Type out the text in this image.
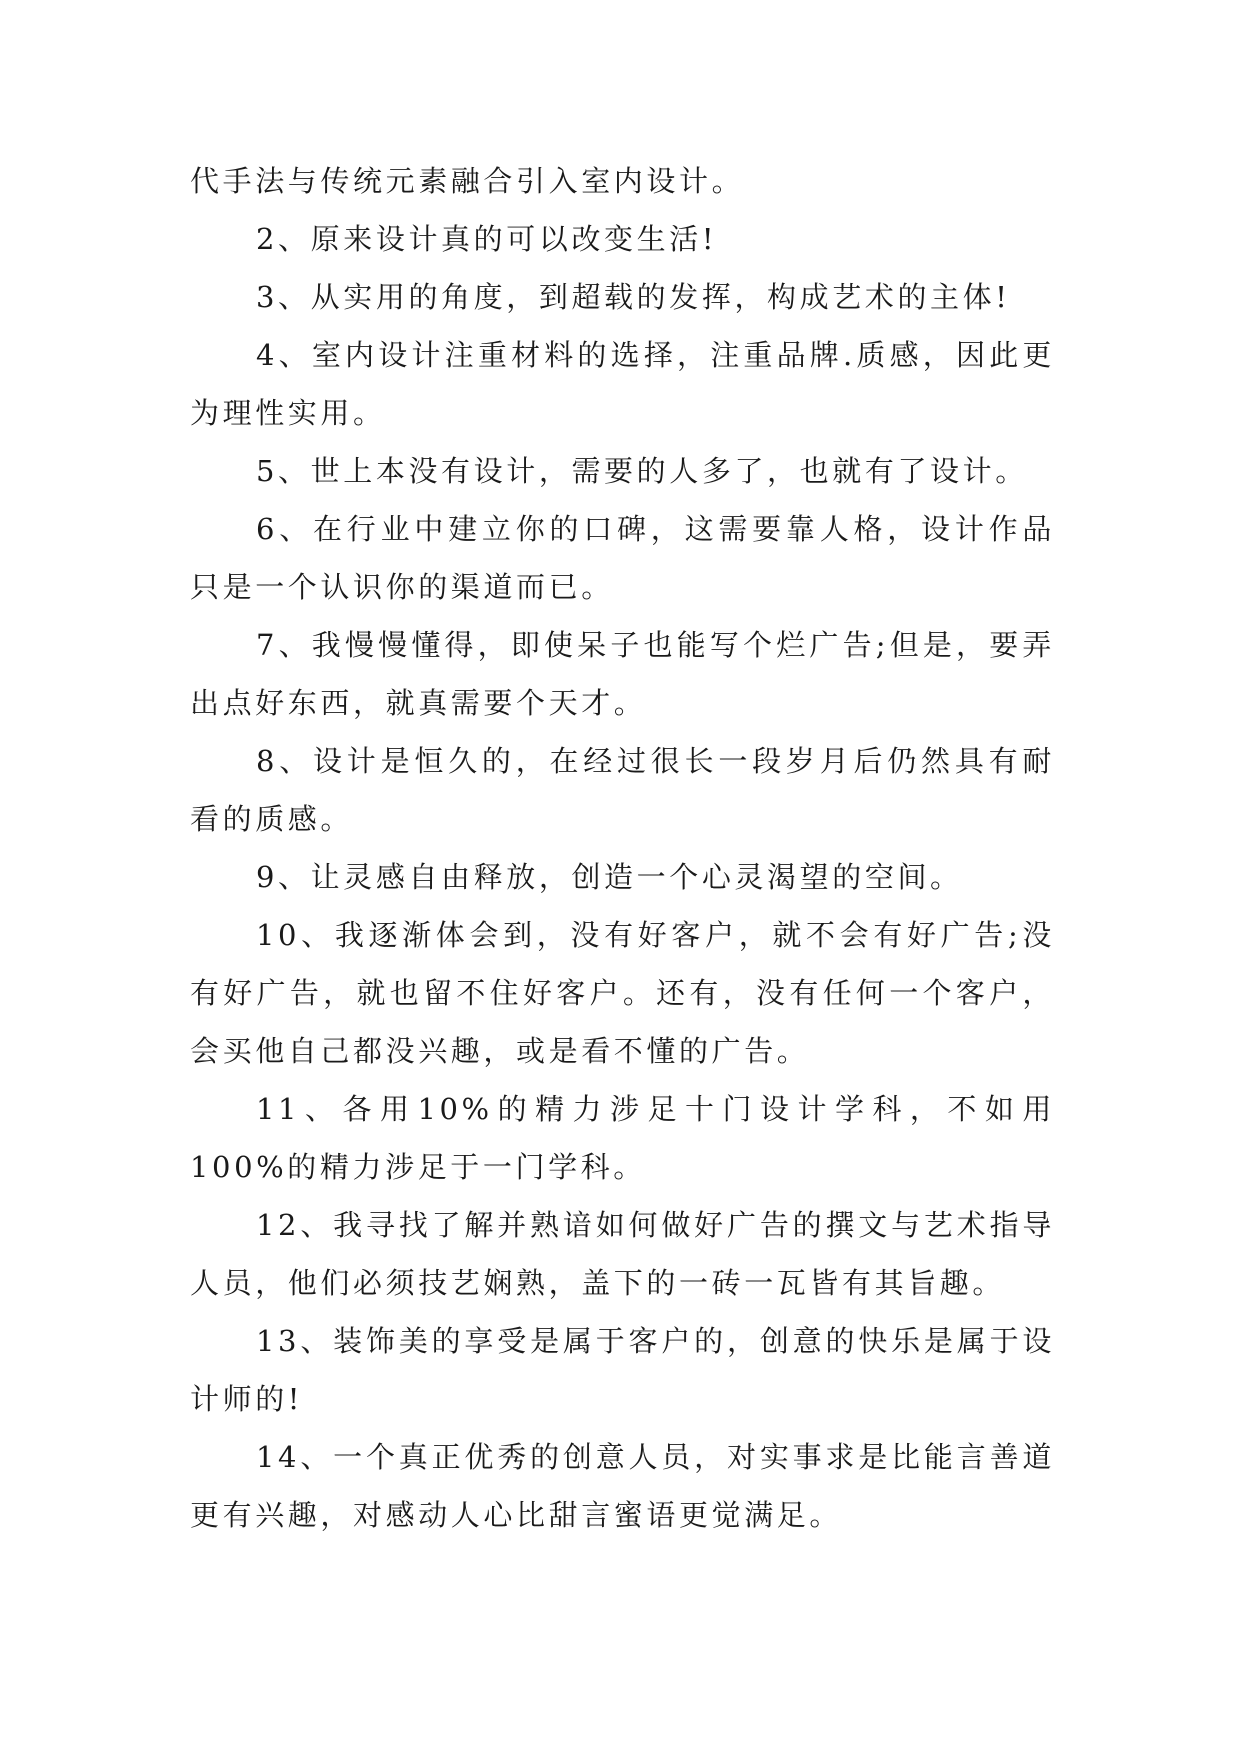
代手法与传统元素融合引入室内设计。

2、原来设计真的可以改变生活!

3、从实用的角度，到超载的发挥，构成艺术的主体!

4、室内设计注重材料的选择，注重品牌.质感，因此更为理性实用。

5、世上本没有设计，需要的人多了，也就有了设计。

6、在行业中建立你的口碑，这需要靠人格，设计作品只是一个认识你的渠道而已。

7、我慢慢懂得，即使呆子也能写个烂广告;但是，要弄出点好东西，就真需要个天才。

8、设计是恒久的，在经过很长一段岁月后仍然具有耐看的质感。

9、让灵感自由释放，创造一个心灵渴望的空间。

10、我逐渐体会到，没有好客户，就不会有好广告;没有好广告，就也留不住好客户。还有，没有任何一个客户，会买他自己都没兴趣，或是看不懂的广告。

11、各用10%的精力涉足十门设计学科，不如用100%的精力涉足于一门学科。

12、我寻找了解并熟谙如何做好广告的撰文与艺术指导人员，他们必须技艺娴熟，盖下的一砖一瓦皆有其旨趣。

13、装饰美的享受是属于客户的，创意的快乐是属于设计师的!

14、一个真正优秀的创意人员，对实事求是比能言善道更有兴趣，对感动人心比甜言蜜语更觉满足。
